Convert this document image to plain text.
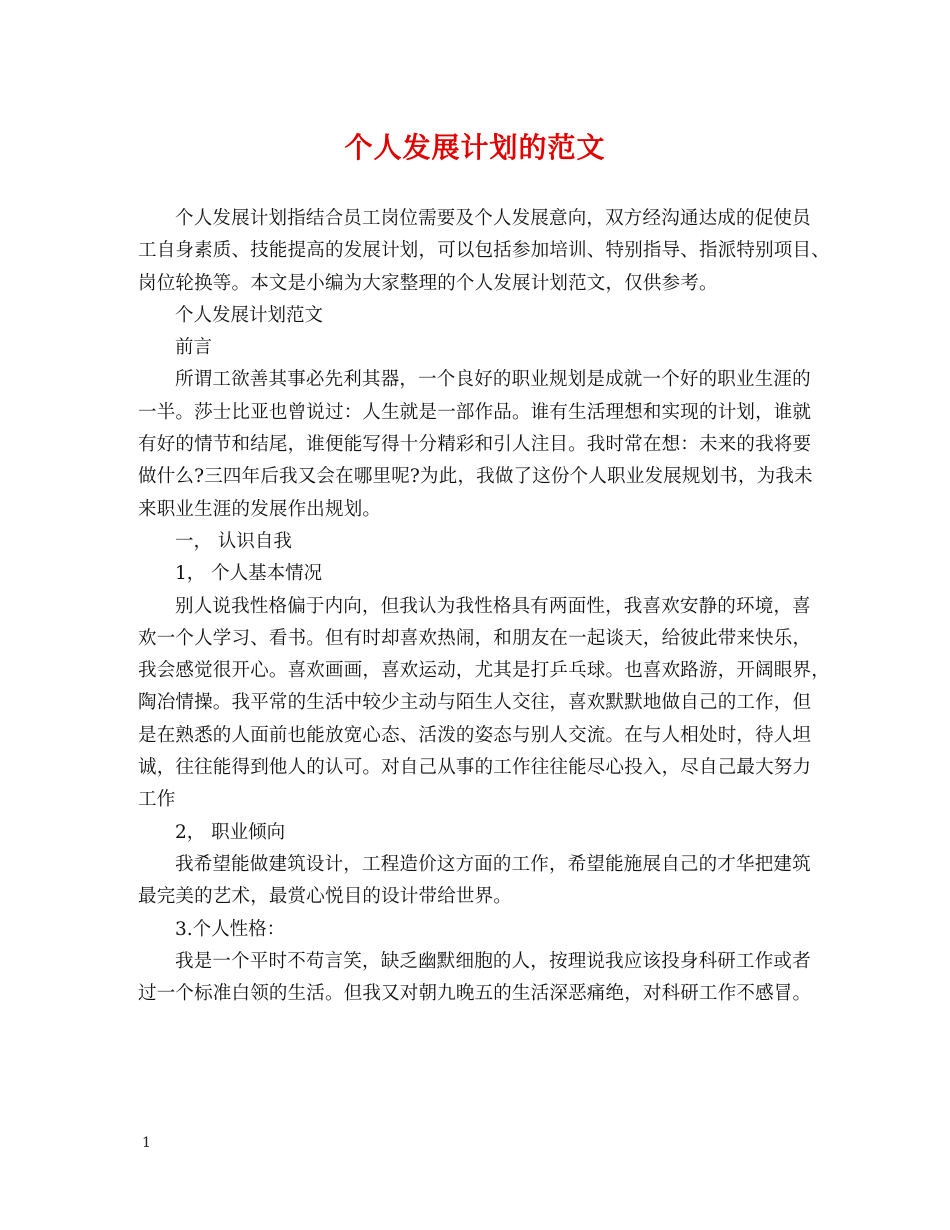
个人发展计划的范文

个人发展计划指结合员工岗位需要及个人发展意向，双方经沟通达成的促使员
工自身素质、技能提高的发展计划，可以包括参加培训、特别指导、指派特别项目、
岗位轮换等。本文是小编为大家整理的个人发展计划范文，仅供参考。

个人发展计划范文

前言

所谓工欲善其事必先利其器，一个良好的职业规划是成就一个好的职业生涯的
一半。莎士比亚也曾说过：人生就是一部作品。谁有生活理想和实现的计划，谁就
有好的情节和结尾，谁便能写得十分精彩和引人注目。我时常在想：未来的我将要
做什么?三四年后我又会在哪里呢?为此，我做了这份个人职业发展规划书，为我未
来职业生涯的发展作出规划。

一， 认识自我

1， 个人基本情况

别人说我性格偏于内向，但我认为我性格具有两面性，我喜欢安静的环境，喜
欢一个人学习、看书。但有时却喜欢热闹，和朋友在一起谈天，给彼此带来快乐，
我会感觉很开心。喜欢画画，喜欢运动，尤其是打乒乓球。也喜欢路游，开阔眼界，
陶冶情操。我平常的生活中较少主动与陌生人交往，喜欢默默地做自己的工作，但
是在熟悉的人面前也能放宽心态、活泼的姿态与别人交流。在与人相处时，待人坦
诚，往往能得到他人的认可。对自己从事的工作往往能尽心投入，尽自己最大努力
工作

2， 职业倾向

我希望能做建筑设计，工程造价这方面的工作，希望能施展自己的才华把建筑
最完美的艺术，最赏心悦目的设计带给世界。

3.个人性格：

我是一个平时不苟言笑，缺乏幽默细胞的人，按理说我应该投身科研工作或者
过一个标准白领的生活。但我又对朝九晚五的生活深恶痛绝，对科研工作不感冒。

1
